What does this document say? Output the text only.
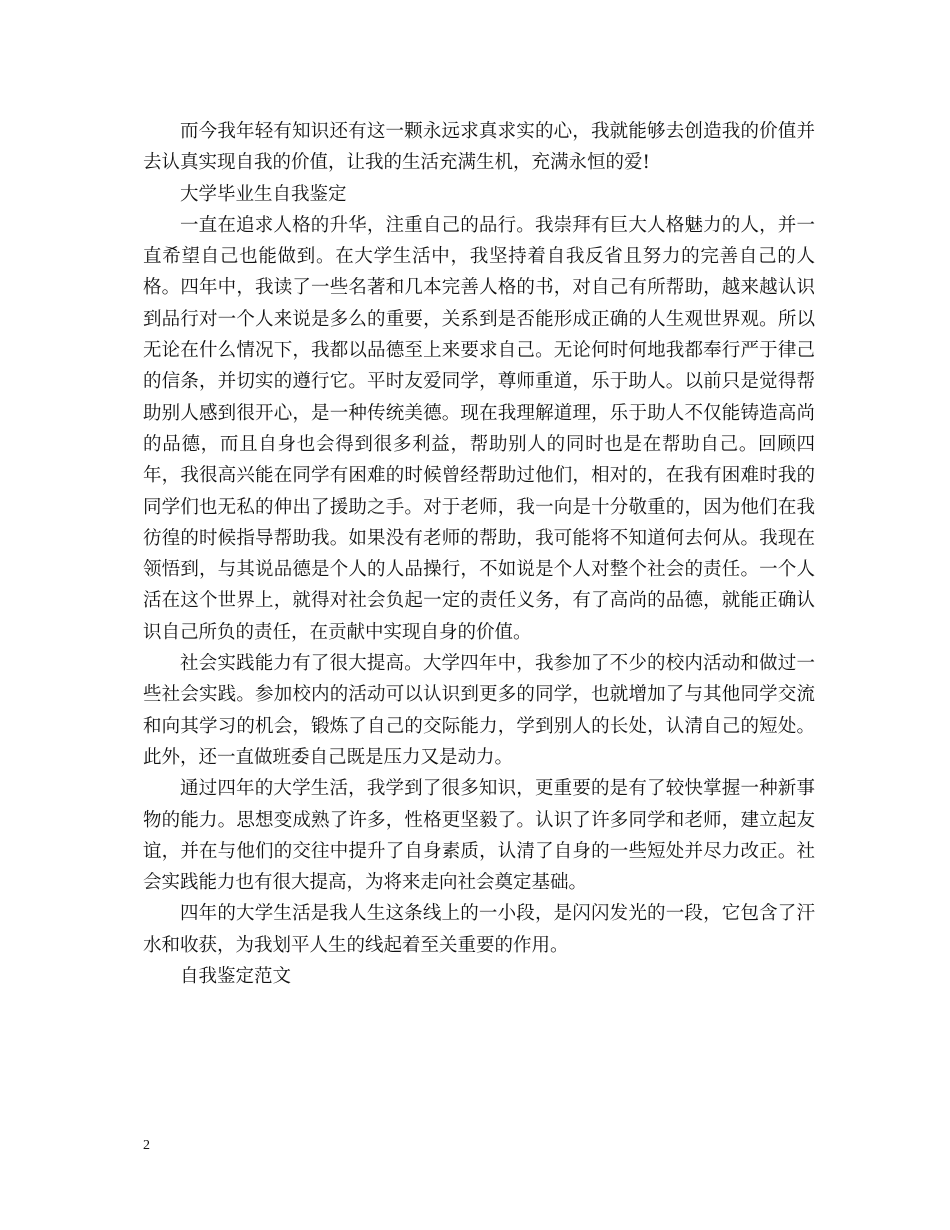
而今我年轻有知识还有这一颗永远求真求实的心，我就能够去创造我的价值并去认真实现自我的价值，让我的生活充满生机，充满永恒的爱!

大学毕业生自我鉴定

一直在追求人格的升华，注重自己的品行。我崇拜有巨大人格魅力的人，并一直希望自己也能做到。在大学生活中，我坚持着自我反省且努力的完善自己的人格。四年中，我读了一些名著和几本完善人格的书，对自己有所帮助，越来越认识到品行对一个人来说是多么的重要，关系到是否能形成正确的人生观世界观。所以无论在什么情况下，我都以品德至上来要求自己。无论何时何地我都奉行严于律己的信条，并切实的遵行它。平时友爱同学，尊师重道，乐于助人。以前只是觉得帮助别人感到很开心，是一种传统美德。现在我理解道理，乐于助人不仅能铸造高尚的品德，而且自身也会得到很多利益，帮助别人的同时也是在帮助自己。回顾四年，我很高兴能在同学有困难的时候曾经帮助过他们，相对的，在我有困难时我的同学们也无私的伸出了援助之手。对于老师，我一向是十分敬重的，因为他们在我彷徨的时候指导帮助我。如果没有老师的帮助，我可能将不知道何去何从。我现在领悟到，与其说品德是个人的人品操行，不如说是个人对整个社会的责任。一个人活在这个世界上，就得对社会负起一定的责任义务，有了高尚的品德，就能正确认识自己所负的责任，在贡献中实现自身的价值。

社会实践能力有了很大提高。大学四年中，我参加了不少的校内活动和做过一些社会实践。参加校内的活动可以认识到更多的同学，也就增加了与其他同学交流和向其学习的机会，锻炼了自己的交际能力，学到别人的长处，认清自己的短处。此外，还一直做班委自己既是压力又是动力。

通过四年的大学生活，我学到了很多知识，更重要的是有了较快掌握一种新事物的能力。思想变成熟了许多，性格更坚毅了。认识了许多同学和老师，建立起友谊，并在与他们的交往中提升了自身素质，认清了自身的一些短处并尽力改正。社会实践能力也有很大提高，为将来走向社会奠定基础。

四年的大学生活是我人生这条线上的一小段，是闪闪发光的一段，它包含了汗水和收获，为我划平人生的线起着至关重要的作用。

自我鉴定范文

2
